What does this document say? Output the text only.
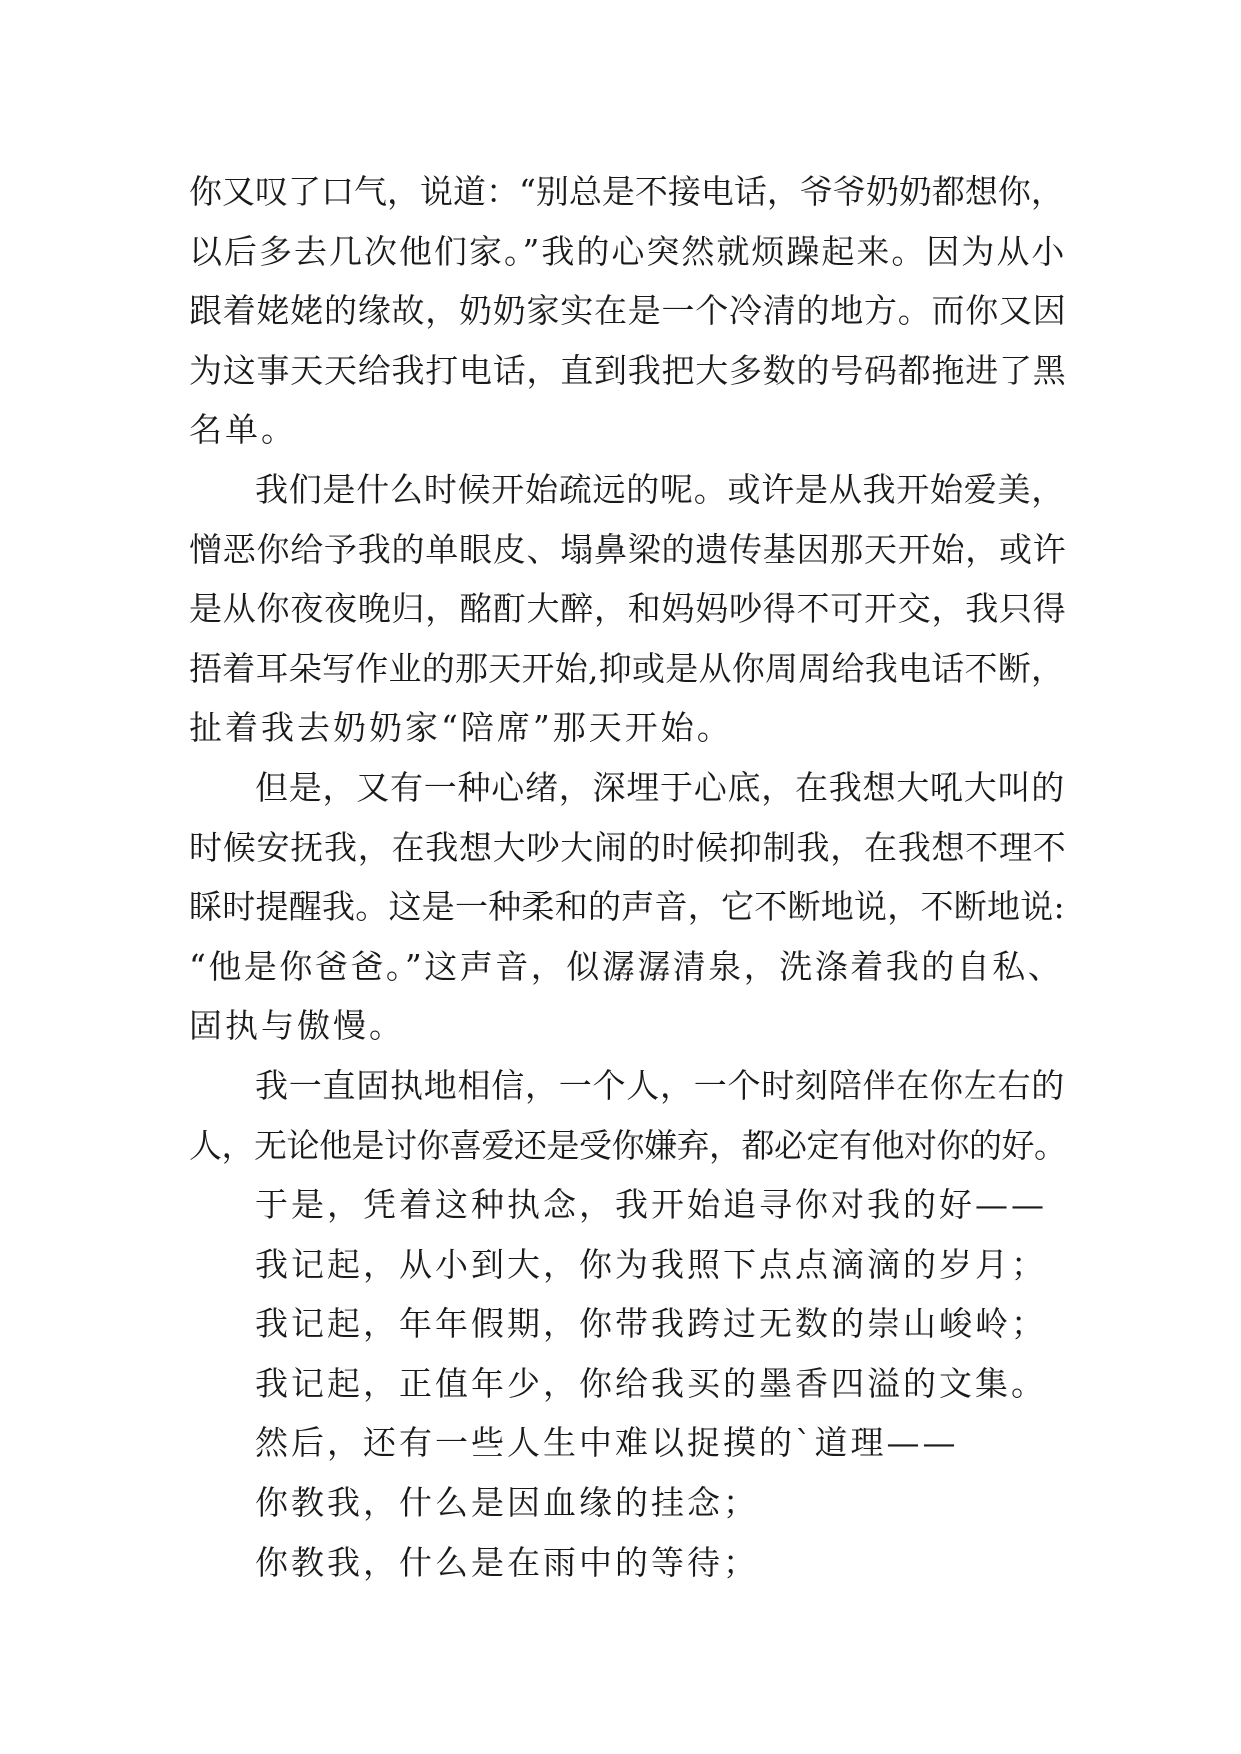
你又叹了口气，说道：“别总是不接电话，爷爷奶奶都想你，
以后多去几次他们家。”我的心突然就烦躁起来。因为从小
跟着姥姥的缘故，奶奶家实在是一个冷清的地方。而你又因
为这事天天给我打电话，直到我把大多数的号码都拖进了黑
名单。
我们是什么时候开始疏远的呢。或许是从我开始爱美，
憎恶你给予我的单眼皮、塌鼻梁的遗传基因那天开始，或许
是从你夜夜晚归，酩酊大醉，和妈妈吵得不可开交，我只得
捂着耳朵写作业的那天开始,抑或是从你周周给我电话不断，
扯着我去奶奶家“陪席”那天开始。
但是，又有一种心绪，深埋于心底，在我想大吼大叫的
时候安抚我，在我想大吵大闹的时候抑制我，在我想不理不
睬时提醒我。这是一种柔和的声音，它不断地说，不断地说:
“他是你爸爸。”这声音，似潺潺清泉，洗涤着我的自私、
固执与傲慢。
我一直固执地相信，一个人，一个时刻陪伴在你左右的
人，无论他是讨你喜爱还是受你嫌弃，都必定有他对你的好。
于是，凭着这种执念，我开始追寻你对我的好——
我记起，从小到大，你为我照下点点滴滴的岁月；
我记起，年年假期，你带我跨过无数的崇山峻岭；
我记起，正值年少，你给我买的墨香四溢的文集。
然后，还有一些人生中难以捉摸的`道理——
你教我，什么是因血缘的挂念；
你教我，什么是在雨中的等待；
